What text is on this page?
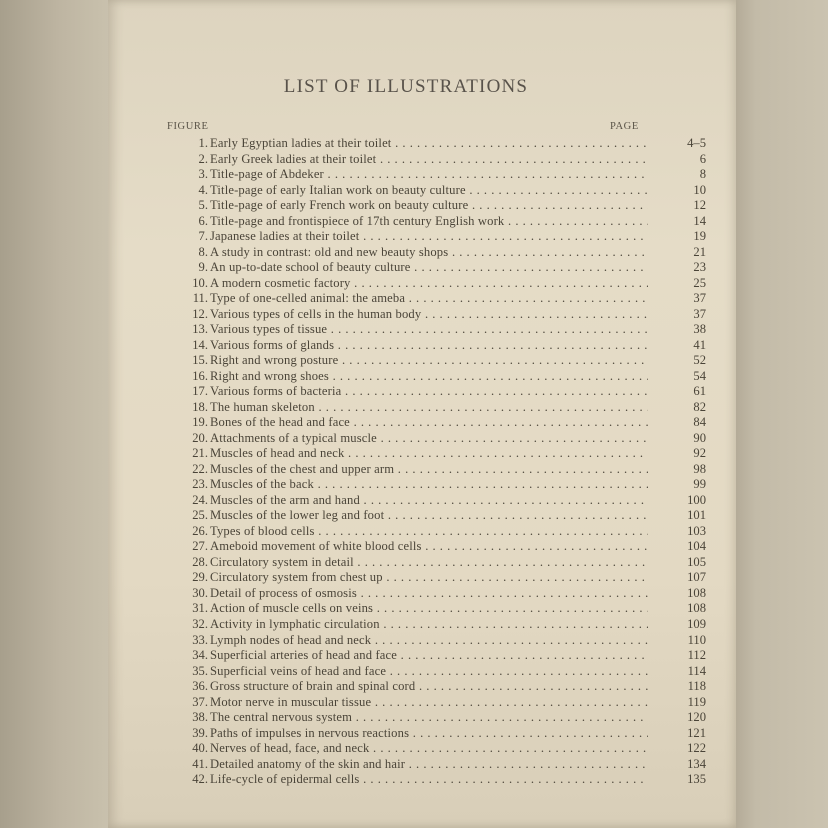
LIST OF ILLUSTRATIONS
FIGURE	PAGE
1. Early Egyptian ladies at their toilet . . .	4–5
2. Early Greek ladies at their toilet . . .	6
3. Title-page of Abdeker . . .	8
4. Title-page of early Italian work on beauty culture . . .	10
5. Title-page of early French work on beauty culture . . .	12
6. Title-page and frontispiece of 17th century English work . . .	14
7. Japanese ladies at their toilet . . .	19
8. A study in contrast: old and new beauty shops . . .	21
9. An up-to-date school of beauty culture . . .	23
10. A modern cosmetic factory . . .	25
11. Type of one-celled animal: the ameba . . .	37
12. Various types of cells in the human body . . .	37
13. Various types of tissue . . .	38
14. Various forms of glands . . .	41
15. Right and wrong posture . . .	52
16. Right and wrong shoes . . .	54
17. Various forms of bacteria . . .	61
18. The human skeleton . . .	82
19. Bones of the head and face . . .	84
20. Attachments of a typical muscle . . .	90
21. Muscles of head and neck . . .	92
22. Muscles of the chest and upper arm . . .	98
23. Muscles of the back . . .	99
24. Muscles of the arm and hand . . .	100
25. Muscles of the lower leg and foot . . .	101
26. Types of blood cells . . .	103
27. Ameboid movement of white blood cells . . .	104
28. Circulatory system in detail . . .	105
29. Circulatory system from chest up . . .	107
30. Detail of process of osmosis . . .	108
31. Action of muscle cells on veins . . .	108
32. Activity in lymphatic circulation . . .	109
33. Lymph nodes of head and neck . . .	110
34. Superficial arteries of head and face . . .	112
35. Superficial veins of head and face . . .	114
36. Gross structure of brain and spinal cord . . .	118
37. Motor nerve in muscular tissue . . .	119
38. The central nervous system . . .	120
39. Paths of impulses in nervous reactions . . .	121
40. Nerves of head, face, and neck . . .	122
41. Detailed anatomy of the skin and hair . . .	134
42. Life-cycle of epidermal cells . . .	135
